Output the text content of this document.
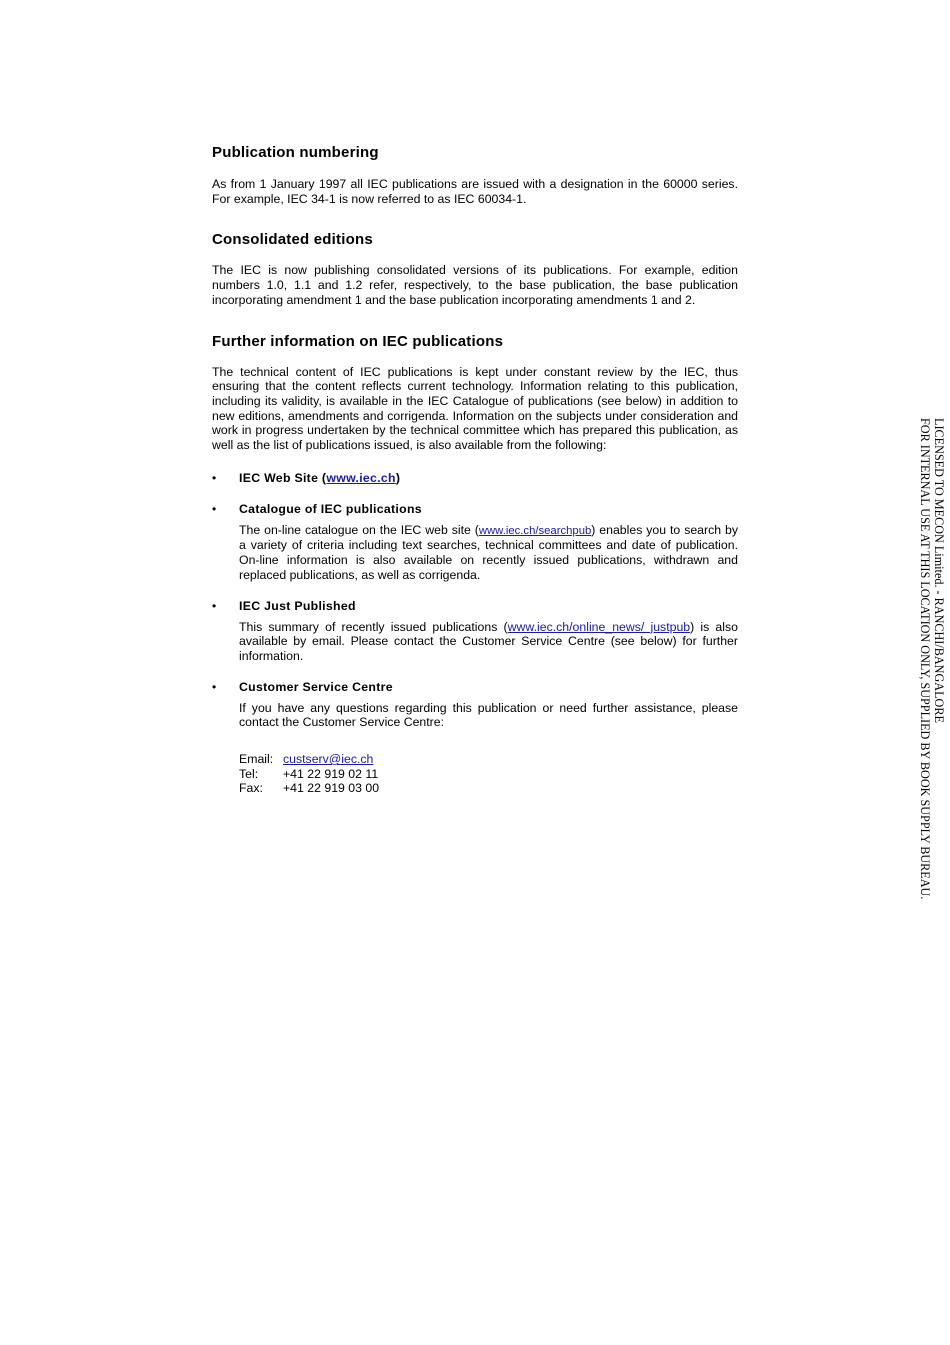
Publication numbering

As from 1 January 1997 all IEC publications are issued with a designation in the 60000 series. For example, IEC 34-1 is now referred to as IEC 60034-1.

Consolidated editions

The IEC is now publishing consolidated versions of its publications. For example, edition numbers 1.0, 1.1 and 1.2 refer, respectively, to the base publication, the base publication incorporating amendment 1 and the base publication incorporating amendments 1 and 2.

Further information on IEC publications

The technical content of IEC publications is kept under constant review by the IEC, thus ensuring that the content reflects current technology. Information relating to this publication, including its validity, is available in the IEC Catalogue of publications (see below) in addition to new editions, amendments and corrigenda. Information on the subjects under consideration and work in progress undertaken by the technical committee which has prepared this publication, as well as the list of publications issued, is also available from the following:

• IEC Web Site (www.iec.ch)
• Catalogue of IEC publications

The on-line catalogue on the IEC web site (www.iec.ch/searchpub) enables you to search by a variety of criteria including text searches, technical committees and date of publication. On-line information is also available on recently issued publications, withdrawn and replaced publications, as well as corrigenda.

• IEC Just Published

This summary of recently issued publications (www.iec.ch/online_news/ justpub) is also available by email. Please contact the Customer Service Centre (see below) for further information.

• Customer Service Centre

If you have any questions regarding this publication or need further assistance, please contact the Customer Service Centre:

Email: custserv@iec.ch
Tel:	+41 22 919 02 11
Fax:	+41 22 919 03 00
LICENSED TO MECON Limited. - RANCHI/BANGALORE
FOR INTERNAL USE AT THIS LOCATION ONLY, SUPPLIED BY BOOK SUPPLY BUREAU.
